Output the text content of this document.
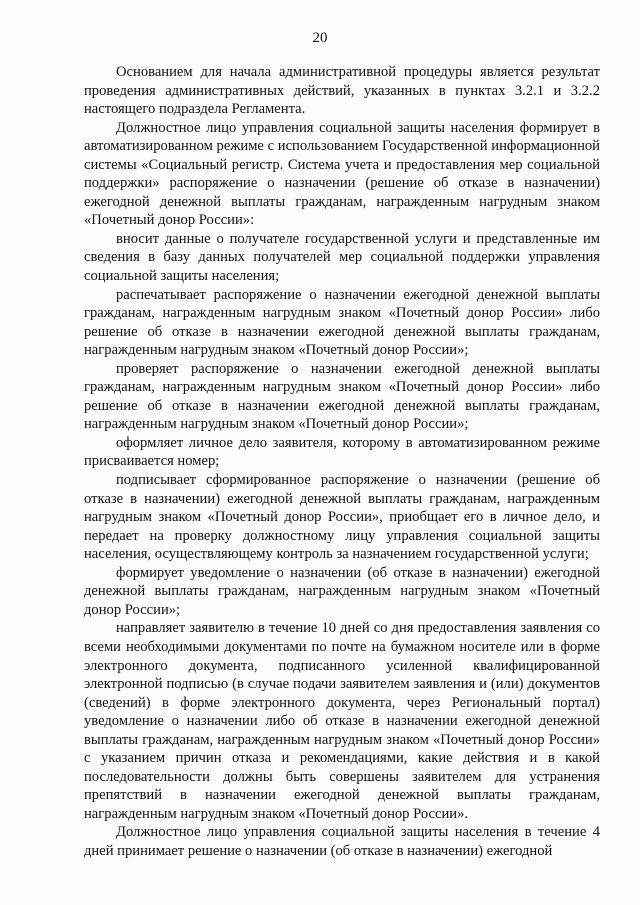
20

Основанием для начала административной процедуры является результат проведения административных действий, указанных в пунктах 3.2.1 и 3.2.2 настоящего подраздела Регламента.

Должностное лицо управления социальной защиты населения формирует в автоматизированном режиме с использованием Государственной информационной системы «Социальный регистр. Система учета и предоставления мер социальной поддержки» распоряжение о назначении (решение об отказе в назначении) ежегодной денежной выплаты гражданам, награжденным нагрудным знаком «Почетный донор России»:

вносит данные о получателе государственной услуги и представленные им сведения в базу данных получателей мер социальной поддержки управления социальной защиты населения;

распечатывает распоряжение о назначении ежегодной денежной выплаты гражданам, награжденным нагрудным знаком «Почетный донор России» либо решение об отказе в назначении ежегодной денежной выплаты гражданам, награжденным нагрудным знаком «Почетный донор России»;

проверяет распоряжение о назначении ежегодной денежной выплаты гражданам, награжденным нагрудным знаком «Почетный донор России» либо решение об отказе в назначении ежегодной денежной выплаты гражданам, награжденным нагрудным знаком «Почетный донор России»;

оформляет личное дело заявителя, которому в автоматизированном режиме присваивается номер;

подписывает сформированное распоряжение о назначении (решение об отказе в назначении) ежегодной денежной выплаты гражданам, награжденным нагрудным знаком «Почетный донор России», приобщает его в личное дело, и передает на проверку должностному лицу управления социальной защиты населения, осуществляющему контроль за назначением государственной услуги;

формирует уведомление о назначении (об отказе в назначении) ежегодной денежной выплаты гражданам, награжденным нагрудным знаком «Почетный донор России»;

направляет заявителю в течение 10 дней со дня предоставления заявления со всеми необходимыми документами по почте на бумажном носителе или в форме электронного документа, подписанного усиленной квалифицированной электронной подписью (в случае подачи заявителем заявления и (или) документов (сведений) в форме электронного документа, через Региональный портал) уведомление о назначении либо об отказе в назначении ежегодной денежной выплаты гражданам, награжденным нагрудным знаком «Почетный донор России» с указанием причин отказа и рекомендациями, какие действия и в какой последовательности должны быть совершены заявителем для устранения препятствий в назначении ежегодной денежной выплаты гражданам, награжденным нагрудным знаком «Почетный донор России».

Должностное лицо управления социальной защиты населения в течение 4 дней принимает решение о назначении (об отказе в назначении) ежегодной
